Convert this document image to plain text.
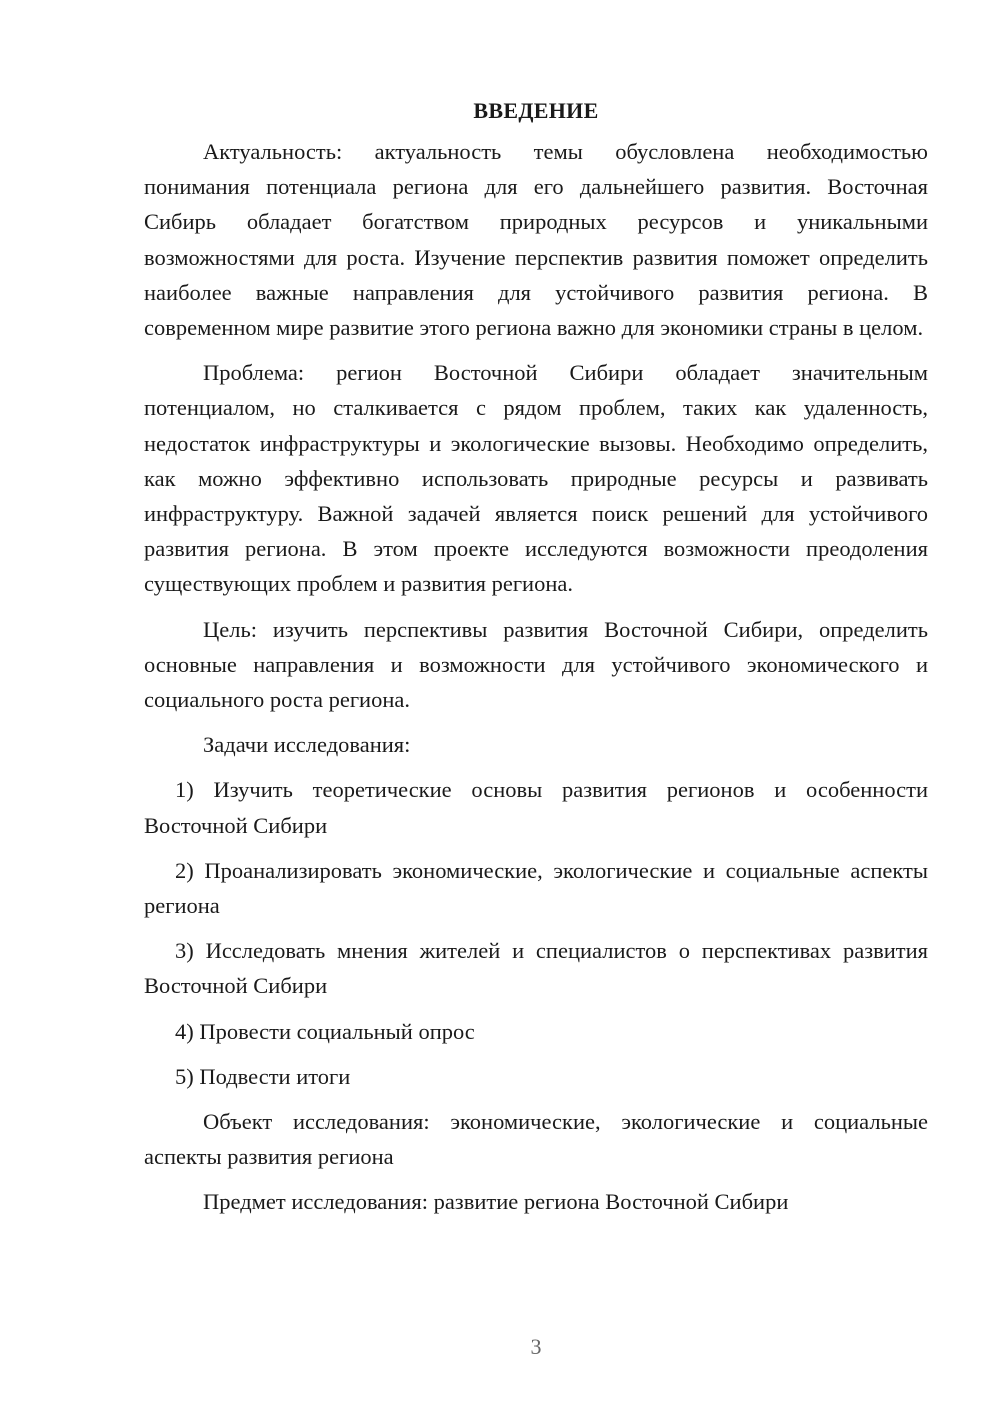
ВВЕДЕНИЕ

Актуальность: актуальность темы обусловлена необходимостью понимания потенциала региона для его дальнейшего развития. Восточная Сибирь обладает богатством природных ресурсов и уникальными возможностями для роста. Изучение перспектив развития поможет определить наиболее важные направления для устойчивого развития региона. В современном мире развитие этого региона важно для экономики страны в целом.

Проблема: регион Восточной Сибири обладает значительным потенциалом, но сталкивается с рядом проблем, таких как удаленность, недостаток инфраструктуры и экологические вызовы. Необходимо определить, как можно эффективно использовать природные ресурсы и развивать инфраструктуру. Важной задачей является поиск решений для устойчивого развития региона. В этом проекте исследуются возможности преодоления существующих проблем и развития региона.

Цель: изучить перспективы развития Восточной Сибири, определить основные направления и возможности для устойчивого экономического и социального роста региона.

Задачи исследования:

1) Изучить теоретические основы развития регионов и особенности Восточной Сибири

2) Проанализировать экономические, экологические и социальные аспекты региона

3) Исследовать мнения жителей и специалистов о перспективах развития Восточной Сибири

4) Провести социальный опрос

5) Подвести итоги

Объект исследования: экономические, экологические и социальные аспекты развития региона

Предмет исследования: развитие региона Восточной Сибири

3
